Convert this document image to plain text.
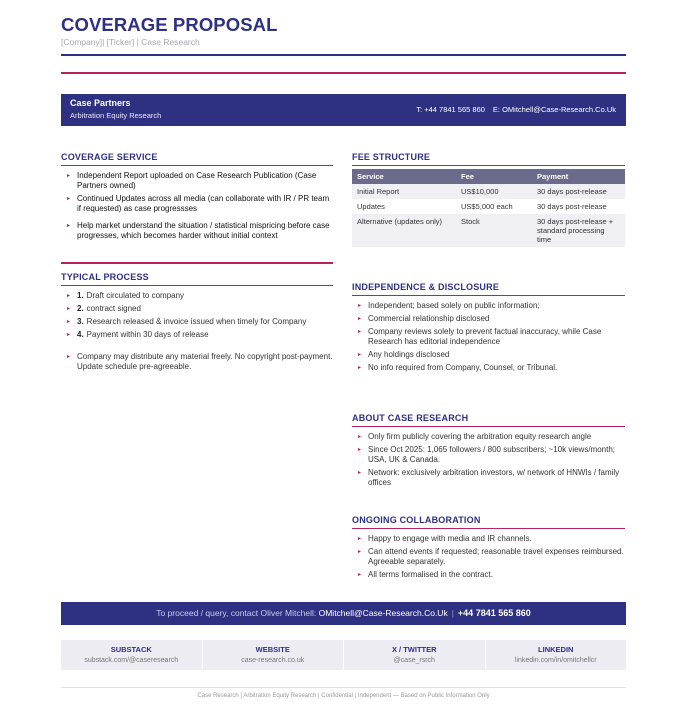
COVERAGE PROPOSAL
[Company]| [Ticker] | Case Research
Case Partners
Arbitration Equity Research
T: +44 7841 565 860 E: OMitchell@Case-Research.Co.Uk
COVERAGE SERVICE
▸ Independent Report uploaded on Case Research Publication (Case Partners owned)
▸ Continued Updates across all media (can collaborate with IR / PR team if requested) as case progressses
▸ Help market understand the situation / statistical mispricing before case progresses, which becomes harder without initial context
TYPICAL PROCESS
▸ 1. Draft circulated to company
▸ 2. contract signed
▸ 3. Research released & invoice issued when timely for Company
▸ 4. Payment within 30 days of release
▸ Company may distribute any material freely. No copyright post-payment. Update schedule pre-agreeable.
FEE STRUCTURE
Service	Fee	Payment
Initial Report	US$10,000	30 days post-release
Updates	US$5,000 each	30 days post-release
Alternative (updates only)	Stock	30 days post-release + standard processing time
INDEPENDENCE & DISCLOSURE
▸ Independent; based solely on public information;
▸ Commercial relationship disclosed
▸ Company reviews solely to prevent factual inaccuracy, while Case Research has editorial independence
▸ Any holdings disclosed
▸ No info required from Company, Counsel, or Tribunal.
ABOUT CASE RESEARCH
▸ Only firm publicly covering the arbitration equity research angle
▸ Since Oct 2025: 1,065 followers / 800 subscribers; ~10k views/month; USA, UK & Canada.
▸ Network: exclusively arbitration investors, w/ network of HNWIs / family offices
ONGOING COLLABORATION
▸ Happy to engage with media and IR channels.
▸ Can attend events if requested; reasonable travel expenses reimbursed. Agreeable separately.
▸ All terms formalised in the contract.
To proceed / query, contact Oliver Mitchell: OMitchell@Case-Research.Co.Uk | +44 7841 565 860
SUBSTACK
substack.com/@caseresearch
WEBSITE
case-research.co.uk
X / TWITTER
@case_rsrch
LINKEDIN
linkedin.com/in/omitchellcr
Case Research | Arbitration Equity Research | Confidential | Independent — Based on Public Information Only
